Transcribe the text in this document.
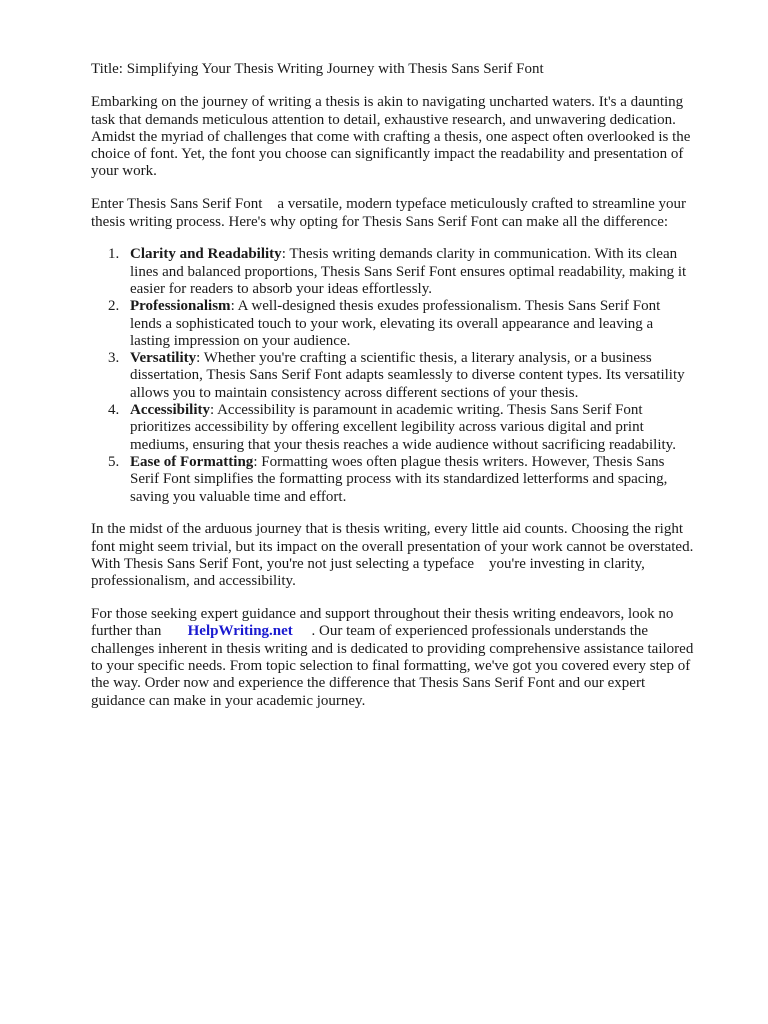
Title: Simplifying Your Thesis Writing Journey with Thesis Sans Serif Font
Embarking on the journey of writing a thesis is akin to navigating uncharted waters. It's a daunting
task that demands meticulous attention to detail, exhaustive research, and unwavering dedication.
Amidst the myriad of challenges that come with crafting a thesis, one aspect often overlooked is the
choice of font. Yet, the font you choose can significantly impact the readability and presentation of
your work.
Enter Thesis Sans Serif Font    a versatile, modern typeface meticulously crafted to streamline your
thesis writing process. Here's why opting for Thesis Sans Serif Font can make all the difference:
1. Clarity and Readability: Thesis writing demands clarity in communication. With its clean
lines and balanced proportions, Thesis Sans Serif Font ensures optimal readability, making it
easier for readers to absorb your ideas effortlessly.
2. Professionalism: A well-designed thesis exudes professionalism. Thesis Sans Serif Font
lends a sophisticated touch to your work, elevating its overall appearance and leaving a
lasting impression on your audience.
3. Versatility: Whether you're crafting a scientific thesis, a literary analysis, or a business
dissertation, Thesis Sans Serif Font adapts seamlessly to diverse content types. Its versatility
allows you to maintain consistency across different sections of your thesis.
4. Accessibility: Accessibility is paramount in academic writing. Thesis Sans Serif Font
prioritizes accessibility by offering excellent legibility across various digital and print
mediums, ensuring that your thesis reaches a wide audience without sacrificing readability.
5. Ease of Formatting: Formatting woes often plague thesis writers. However, Thesis Sans
Serif Font simplifies the formatting process with its standardized letterforms and spacing,
saving you valuable time and effort.
In the midst of the arduous journey that is thesis writing, every little aid counts. Choosing the right
font might seem trivial, but its impact on the overall presentation of your work cannot be overstated.
With Thesis Sans Serif Font, you're not just selecting a typeface    you're investing in clarity,
professionalism, and accessibility.
For those seeking expert guidance and support throughout their thesis writing endeavors, look no
further than       HelpWriting.net     . Our team of experienced professionals understands the
challenges inherent in thesis writing and is dedicated to providing comprehensive assistance tailored
to your specific needs. From topic selection to final formatting, we've got you covered every step of
the way. Order now and experience the difference that Thesis Sans Serif Font and our expert
guidance can make in your academic journey.
